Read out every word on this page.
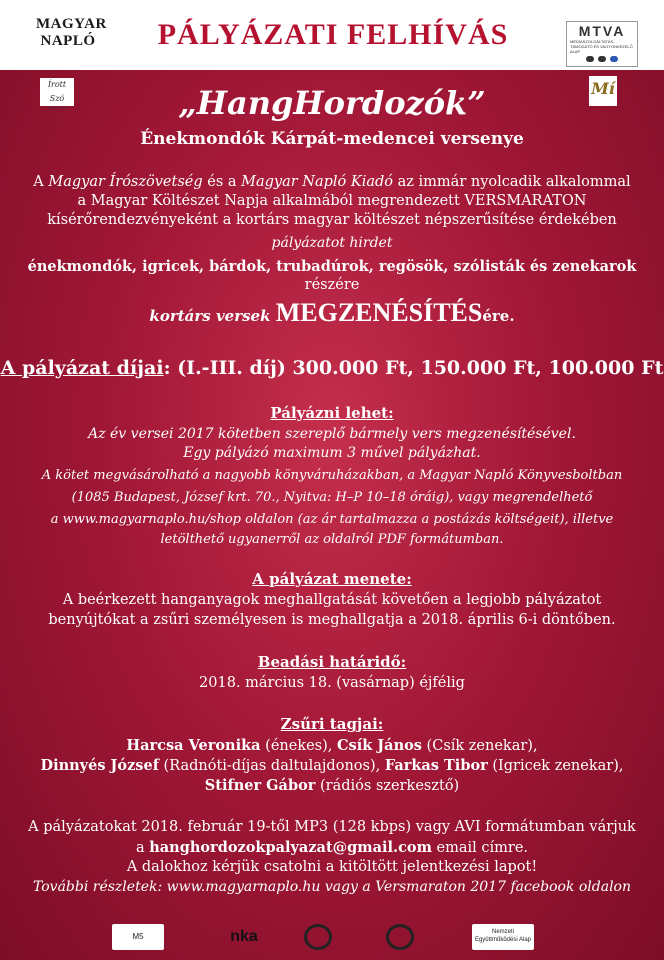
MAGYAR
NAPLÓ	PÁLYÁZATI FELHÍVÁS	MTVA
MÉDIASZOLGÁLTATÁS-TÁMOGATÓ ÉS VAGYONKEZELŐ ALAP
Írott Szó
ALAPÍTVÁNY
Mí
„HangHordozók”
Énekmondók Kárpát-medencei versenye
A Magyar Írószövetség és a Magyar Napló Kiadó az immár nyolcadik alkalommal
a Magyar Költészet Napja alkalmából megrendezett VERSMARATON
kísérőrendezvényeként a kortárs magyar költészet népszerűsítése érdekében
pályázatot hirdet
énekmondók, igricek, bárdok, trubadúrok, regösök, szólisták és zenekarok
részére
kortárs versek MEGZENÉSÍTÉSére.
A pályázat díjai: (I.-III. díj) 300.000 Ft, 150.000 Ft, 100.000 Ft
Pályázni lehet:
Az év versei 2017 kötetben szereplő bármely vers megzenésítésével.
Egy pályázó maximum 3 művel pályázhat.
A kötet megvásárolható a nagyobb könyváruházakban, a Magyar Napló Könyvesboltban
(1085 Budapest, József krt. 70., Nyitva: H–P 10–18 óráig), vagy megrendelhető
a www.magyarnaplo.hu/shop oldalon (az ár tartalmazza a postázás költségeit), illetve
letölthető ugyanerről az oldalról PDF formátumban.
A pályázat menete:
A beérkezett hanganyagok meghallgatását követően a legjobb pályázatot
benyújtókat a zsűri személyesen is meghallgatja a 2018. április 6-i döntőben.
Beadási határidő:
2018. március 18. (vasárnap) éjfélig
Zsűri tagjai:
Harcsa Veronika (énekes), Csík János (Csík zenekar),
Dinnyés József (Radnóti-díjas daltulajdonos), Farkas Tibor (Igricek zenekar),
Stifner Gábor (rádiós szerkesztő)
A pályázatokat 2018. február 19-től MP3 (128 kbps) vagy AVI formátumban várjuk
a hanghordozokpalyazat@gmail.com email címre.
A dalokhoz kérjük csatolni a kitöltött jelentkezési lapot!
További részletek: www.magyarnaplo.hu vagy a Versmaraton 2017 facebook oldalon
M5	nka	Nemzeti Együttműködési Alap
